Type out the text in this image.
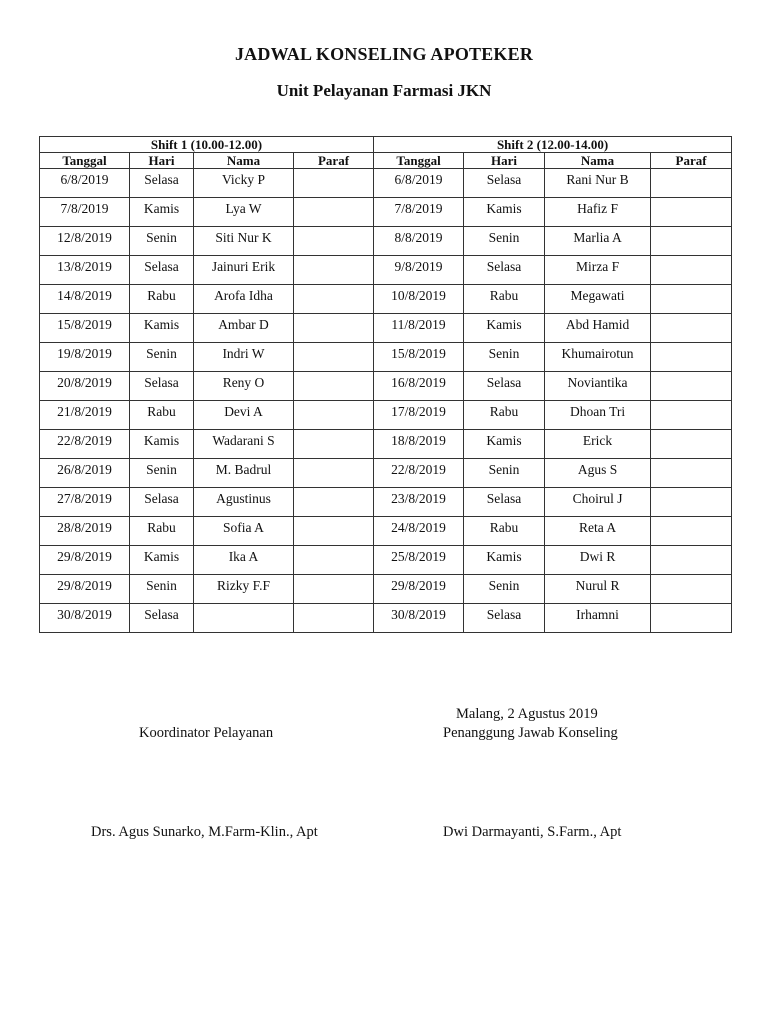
JADWAL KONSELING APOTEKER
Unit Pelayanan Farmasi JKN
Shift 1 (10.00-12.00)				Shift 2 (12.00-14.00)			
Tanggal	Hari	Nama	Paraf	Tanggal	Hari	Nama	Paraf
6/8/2019	Selasa	Vicky P		6/8/2019	Selasa	Rani Nur B	
7/8/2019	Kamis	Lya W		7/8/2019	Kamis	Hafiz F	
12/8/2019	Senin	Siti Nur K		8/8/2019	Senin	Marlia A	
13/8/2019	Selasa	Jainuri Erik		9/8/2019	Selasa	Mirza F	
14/8/2019	Rabu	Arofa Idha		10/8/2019	Rabu	Megawati	
15/8/2019	Kamis	Ambar D		11/8/2019	Kamis	Abd Hamid	
19/8/2019	Senin	Indri W		15/8/2019	Senin	Khumairotun	
20/8/2019	Selasa	Reny O		16/8/2019	Selasa	Noviantika	
21/8/2019	Rabu	Devi A		17/8/2019	Rabu	Dhoan Tri	
22/8/2019	Kamis	Wadarani S		18/8/2019	Kamis	Erick	
26/8/2019	Senin	M. Badrul		22/8/2019	Senin	Agus S	
27/8/2019	Selasa	Agustinus		23/8/2019	Selasa	Choirul J	
28/8/2019	Rabu	Sofia A		24/8/2019	Rabu	Reta A	
29/8/2019	Kamis	Ika A		25/8/2019	Kamis	Dwi R	
29/8/2019	Senin	Rizky F.F		29/8/2019	Senin	Nurul R	
30/8/2019	Selasa			30/8/2019	Selasa	Irhamni	
Malang, 2 Agustus 2019
Koordinator Pelayanan	Penanggung Jawab Konseling
Drs. Agus Sunarko, M.Farm-Klin., Apt	Dwi Darmayanti, S.Farm., Apt
